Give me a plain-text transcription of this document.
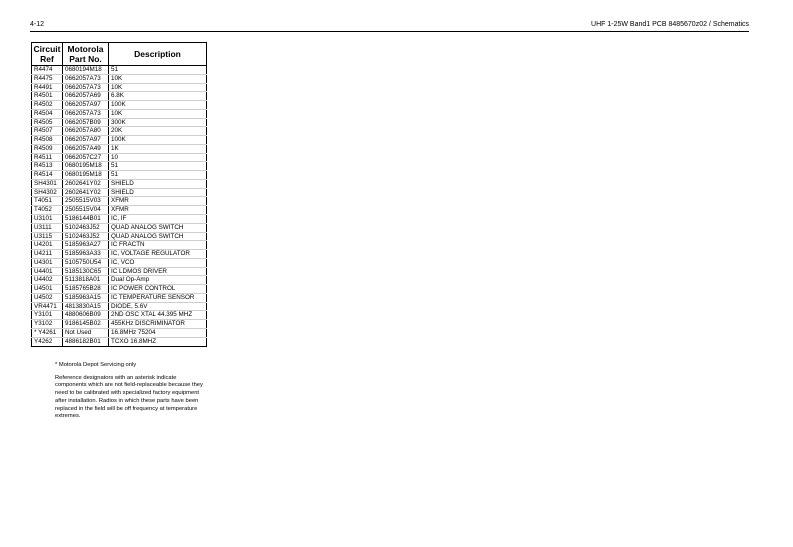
4-12	UHF 1-25W Band1 PCB 8485670z02 / Schematics
Circuit Ref	Motorola Part No.	Description
R4474	0680194M18	51
R4475	0662057A73	10K
R4491	0662057A73	10K
R4501	0662057A69	6.8K
R4502	0662057A97	100K
R4504	0662057A73	10K
R4505	0662057B09	300K
R4507	0662057A80	20K
R4508	0662057A97	100K
R4509	0662057A49	1K
R4511	0662057C27	10
R4513	0680195M18	51
R4514	0680195M18	51
SH4301	2602641Y02	SHIELD
SH4302	2602641Y02	SHIELD
T4051	2505515V03	XFMR
T4052	2505515V04	XFMR
U3101	5186144B01	IC, IF
U3111	5102463J52	QUAD ANALOG SWITCH
U3115	5102463J52	QUAD ANALOG SWITCH
U4201	5185963A27	IC FRACTN
U4211	5185963A33	IC, VOLTAGE REGULATOR
U4301	5105750U54	IC, VCO
U4401	5185130C65	IC LDMOS DRIVER
U4402	5113818A01	Dual Op-Amp
U4501	5185765B28	IC POWER CONTROL
U4502	5185963A15	IC TEMPERATURE SENSOR
VR4471	4813830A15	DIODE, 5.6V
Y3101	4880606B09	2ND OSC XTAL 44.395 MHZ
Y3102	9186145B02	455KHz DISCRIMINATOR
* Y4261	Not Used	16.8MHz 75204
Y4262	4886182B01	TCXO 16.8MHZ

* Motorola Depot Servicing only

Reference designators with an asterisk indicate components which are not field-replaceable because they need to be calibrated with specialized factory equipment after installation. Radios in which these parts have been replaced in the field will be off frequency at temperature extremes.
